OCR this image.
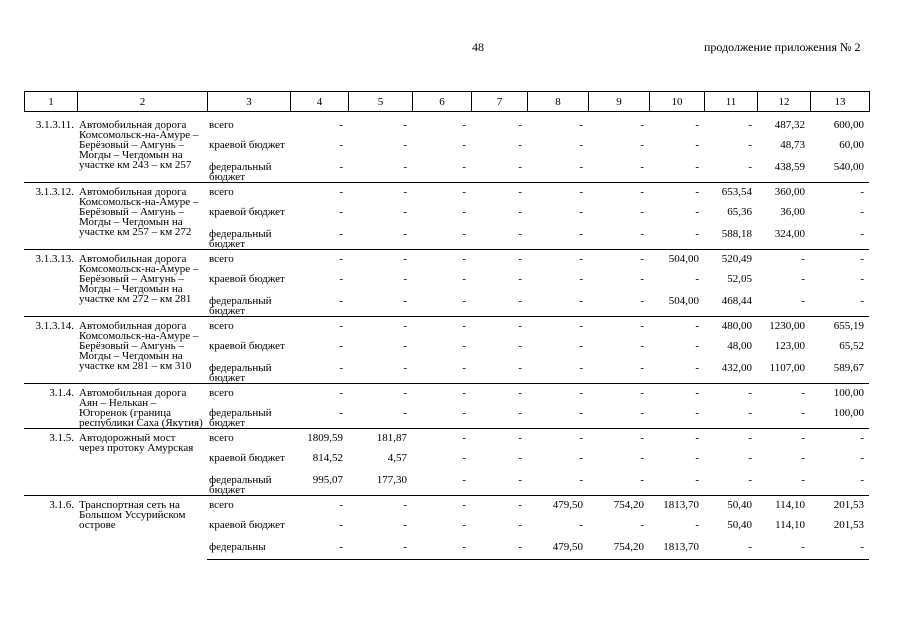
48	продолжение приложения № 2
1	2	3	4	5	6	7	8	9	10	11	12	13
3.1.3.11.	Автомобильная дорога Комсомольск-на-Амуре – Берёзовый – Амгунь – Могды – Чегдомын на участке км 243 – км 257	всего	-	-	-	-	-	-	-	-	487,32	600,00
		краевой бюджет	-	-	-	-	-	-	-	-	48,73	60,00
		федеральный бюджет	-	-	-	-	-	-	-	-	438,59	540,00
3.1.3.12.	Автомобильная дорога Комсомольск-на-Амуре – Берёзовый – Амгунь – Могды – Чегдомын на участке км 257 – км 272	всего	-	-	-	-	-	-	-	653,54	360,00	-
		краевой бюджет	-	-	-	-	-	-	-	65,36	36,00	-
		федеральный бюджет	-	-	-	-	-	-	-	588,18	324,00	-
3.1.3.13.	Автомобильная дорога Комсомольск-на-Амуре – Берёзовый – Амгунь – Могды – Чегдомын на участке км 272 – км 281	всего	-	-	-	-	-	-	504,00	520,49	-	-
		краевой бюджет	-	-	-	-	-	-	-	52,05	-	-
		федеральный бюджет	-	-	-	-	-	-	504,00	468,44	-	-
3.1.3.14.	Автомобильная дорога Комсомольск-на-Амуре – Берёзовый – Амгунь – Могды – Чегдомын на участке км 281 – км 310	всего	-	-	-	-	-	-	-	480,00	1230,00	655,19
		краевой бюджет	-	-	-	-	-	-	-	48,00	123,00	65,52
		федеральный бюджет	-	-	-	-	-	-	-	432,00	1107,00	589,67
3.1.4.	Автомобильная дорога Аян – Нелькан – Югоренок (граница республики Саха (Якутия)	всего	-	-	-	-	-	-	-	-	-	100,00
		федеральный бюджет	-	-	-	-	-	-	-	-	-	100,00
3.1.5.	Автодорожный мост через протоку Амурская	всего	1809,59	181,87	-	-	-	-	-	-	-	-
		краевой бюджет	814,52	4,57	-	-	-	-	-	-	-	-
		федеральный бюджет	995,07	177,30	-	-	-	-	-	-	-	-
3.1.6.	Транспортная сеть на Большом Уссурийском острове	всего	-	-	-	-	479,50	754,20	1813,70	50,40	114,10	201,53
		краевой бюджет	-	-	-	-	-	-	-	50,40	114,10	201,53
		федеральны	-	-	-	-	479,50	754,20	1813,70	-	-	-
